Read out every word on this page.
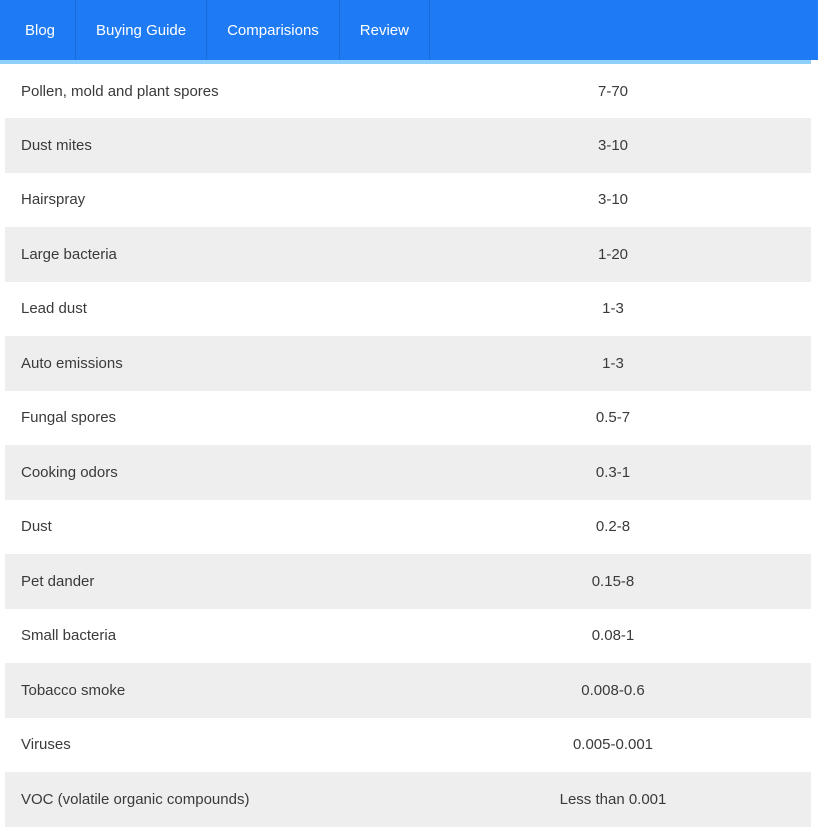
Blog	Buying Guide	Comparisions	Review
Pollen, mold and plant spores	7-70
Dust mites	3-10
Hairspray	3-10
Large bacteria	1-20
Lead dust	1-3
Auto emissions	1-3
Fungal spores	0.5-7
Cooking odors	0.3-1
Dust	0.2-8
Pet dander	0.15-8
Small bacteria	0.08-1
Tobacco smoke	0.008-0.6
Viruses	0.005-0.001
VOC (volatile organic compounds)	Less than 0.001
